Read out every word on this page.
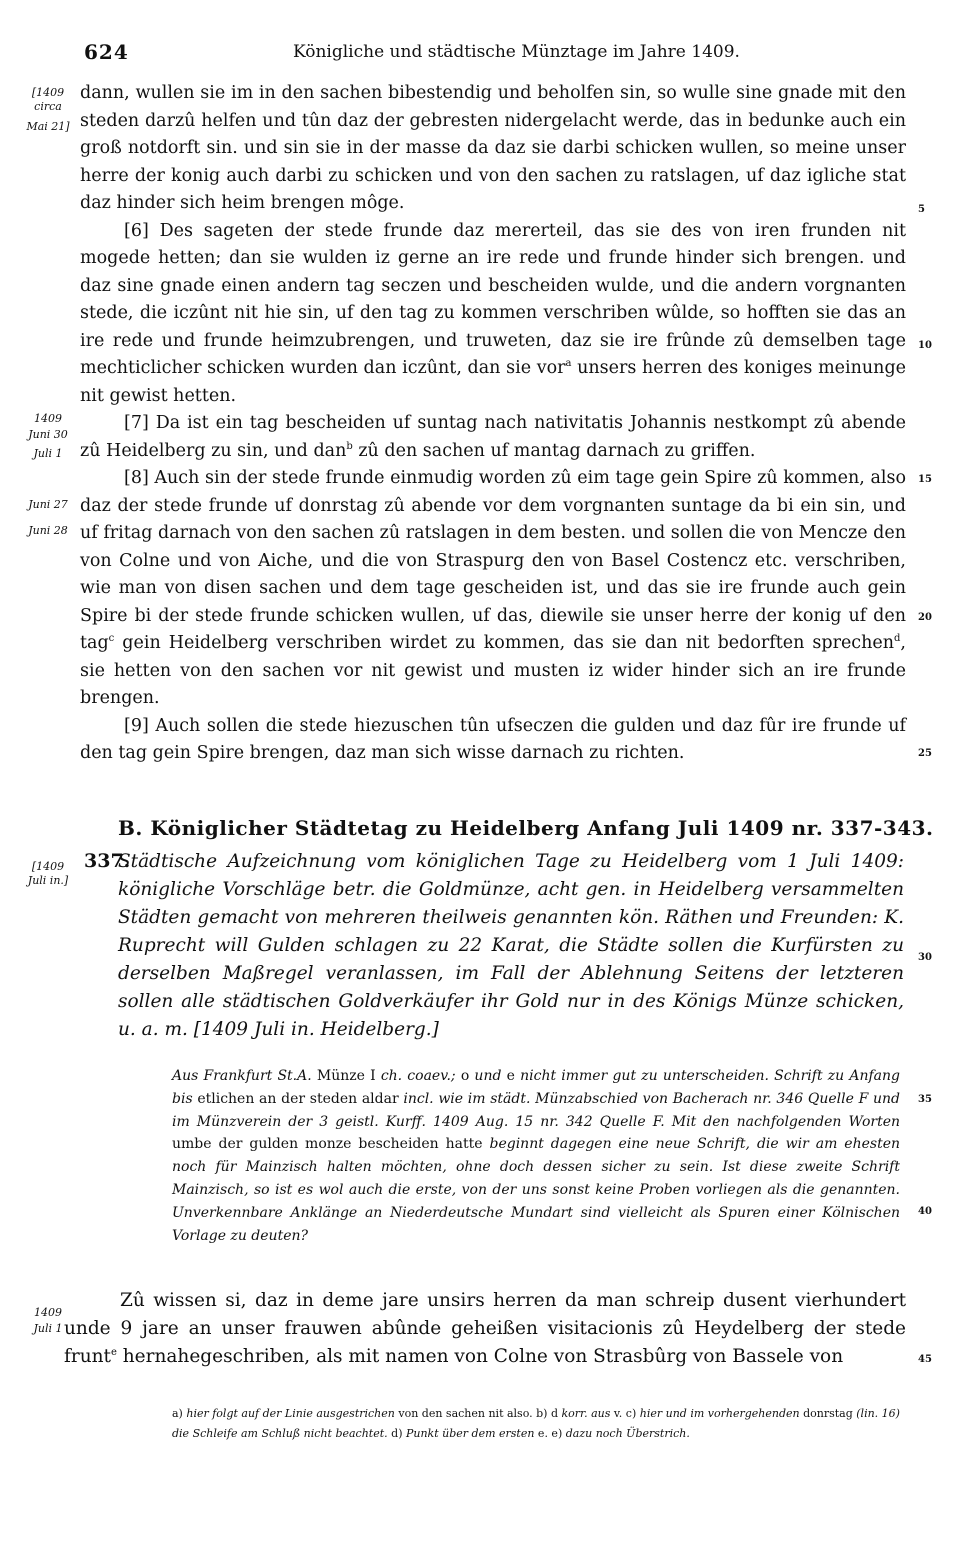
624	Königliche und städtische Münztage im Jahre 1409.
[1409
circa
Mai 21]
1409
Juni 30
Juli 1
Juni 27
Juni 28
[1409
Juli in.]
1409
Juli 1
5
10
15
20
25
30
35
40
45

dann, wullen sie im in den sachen bibestendig und beholfen sin, so wulle sine gnade mit den steden darzû helfen und tûn daz der gebresten nidergelacht werde, das in bedunke auch ein groß notdorft sin. und sin sie in der masse da daz sie darbi schicken wullen, so meine unser herre der konig auch darbi zu schicken und von den sachen zu ratslagen, uf daz igliche stat daz hinder sich heim brengen môge.

[6] Des sageten der stede frunde daz mererteil, das sie des von iren frunden nit mogede hetten; dan sie wulden iz gerne an ire rede und frunde hinder sich brengen. und daz sine gnade einen andern tag seczen und bescheiden wulde, und die andern vorgnanten stede, die iczûnt nit hie sin, uf den tag zu kommen verschriben wûlde, so hofften sie das an ire rede und frunde heimzubrengen, und truweten, daz sie ire frûnde zû demselben tage mechticlicher schicken wurden dan iczûnt, dan sie vor$^a$ unsers herren des koniges meinunge nit gewist hetten.

[7] Da ist ein tag bescheiden uf suntag nach nativitatis Johannis nestkompt zû abende zû Heidelberg zu sin, und dan$^b$ zû den sachen uf mantag darnach zu griffen.

[8] Auch sin der stede frunde einmudig worden zû eim tage gein Spire zû kommen, also daz der stede frunde uf donrstag zû abende vor dem vorgnanten suntage da bi ein sin, und uf fritag darnach von den sachen zû ratslagen in dem besten. und sollen die von Mencze den von Colne und von Aiche, und die von Straspurg den von Basel Costencz etc. verschriben, wie man von disen sachen und dem tage gescheiden ist, und das sie ire frunde auch gein Spire bi der stede frunde schicken wullen, uf das, diewile sie unser herre der konig uf den tag$^c$ gein Heidelberg verschriben wirdet zu kommen, das sie dan nit bedorften sprechen$^d$, sie hetten von den sachen vor nit gewist und musten iz wider hinder sich an ire frunde brengen.

[9] Auch sollen die stede hiezuschen tûn ufseczen die gulden und daz fûr ire frunde uf den tag gein Spire brengen, daz man sich wisse darnach zu richten.

B. Königlicher Städtetag zu Heidelberg Anfang Juli 1409 nr. 337-343.
337.
Städtische Aufzeichnung vom königlichen Tage zu Heidelberg vom 1 Juli 1409: königliche Vorschläge betr. die Goldmünze, acht gen. in Heidelberg versammelten Städten gemacht von mehreren theilweis genannten kön. Räthen und Freunden: K. Ruprecht will Gulden schlagen zu 22 Karat, die Städte sollen die Kurfürsten zu derselben Maßregel veranlassen, im Fall der Ablehnung Seitens der letzteren sollen alle städtischen Goldverkäufer ihr Gold nur in des Königs Münze schicken, u. a. m. [1409 Juli in. Heidelberg.]
Aus Frankfurt St.A. Münze I ch. coaev.; o und e nicht immer gut zu unterscheiden. Schrift zu Anfang bis etlichen an der steden aldar incl. wie im städt. Münzabschied von Bacherach nr. 346 Quelle F und im Münzverein der 3 geistl. Kurff. 1409 Aug. 15 nr. 342 Quelle F. Mit den nachfolgenden Worten umbe der gulden monze bescheiden hatte beginnt dagegen eine neue Schrift, die wir am ehesten noch für Mainzisch halten möchten, ohne doch dessen sicher zu sein. Ist diese zweite Schrift Mainzisch, so ist es wol auch die erste, von der uns sonst keine Proben vorliegen als die genannten. Unverkennbare Anklänge an Niederdeutsche Mundart sind vielleicht als Spuren einer Kölnischen Vorlage zu deuten?
Zû wissen si, daz in deme jare unsirs herren da man schreip dusent vierhundert unde 9 jare an unser frauwen abûnde geheißen visitacionis zû Heydelberg der stede frunt$^e$ hernahegeschriben, als mit namen von Colne von Strasbûrg von Bassele von
a) hier folgt auf der Linie ausgestrichen von den sachen nit also. b) d korr. aus v. c) hier und im vorhergehenden donrstag (lin. 16) die Schleife am Schluß nicht beachtet. d) Punkt über dem ersten e. e) dazu noch Überstrich.
